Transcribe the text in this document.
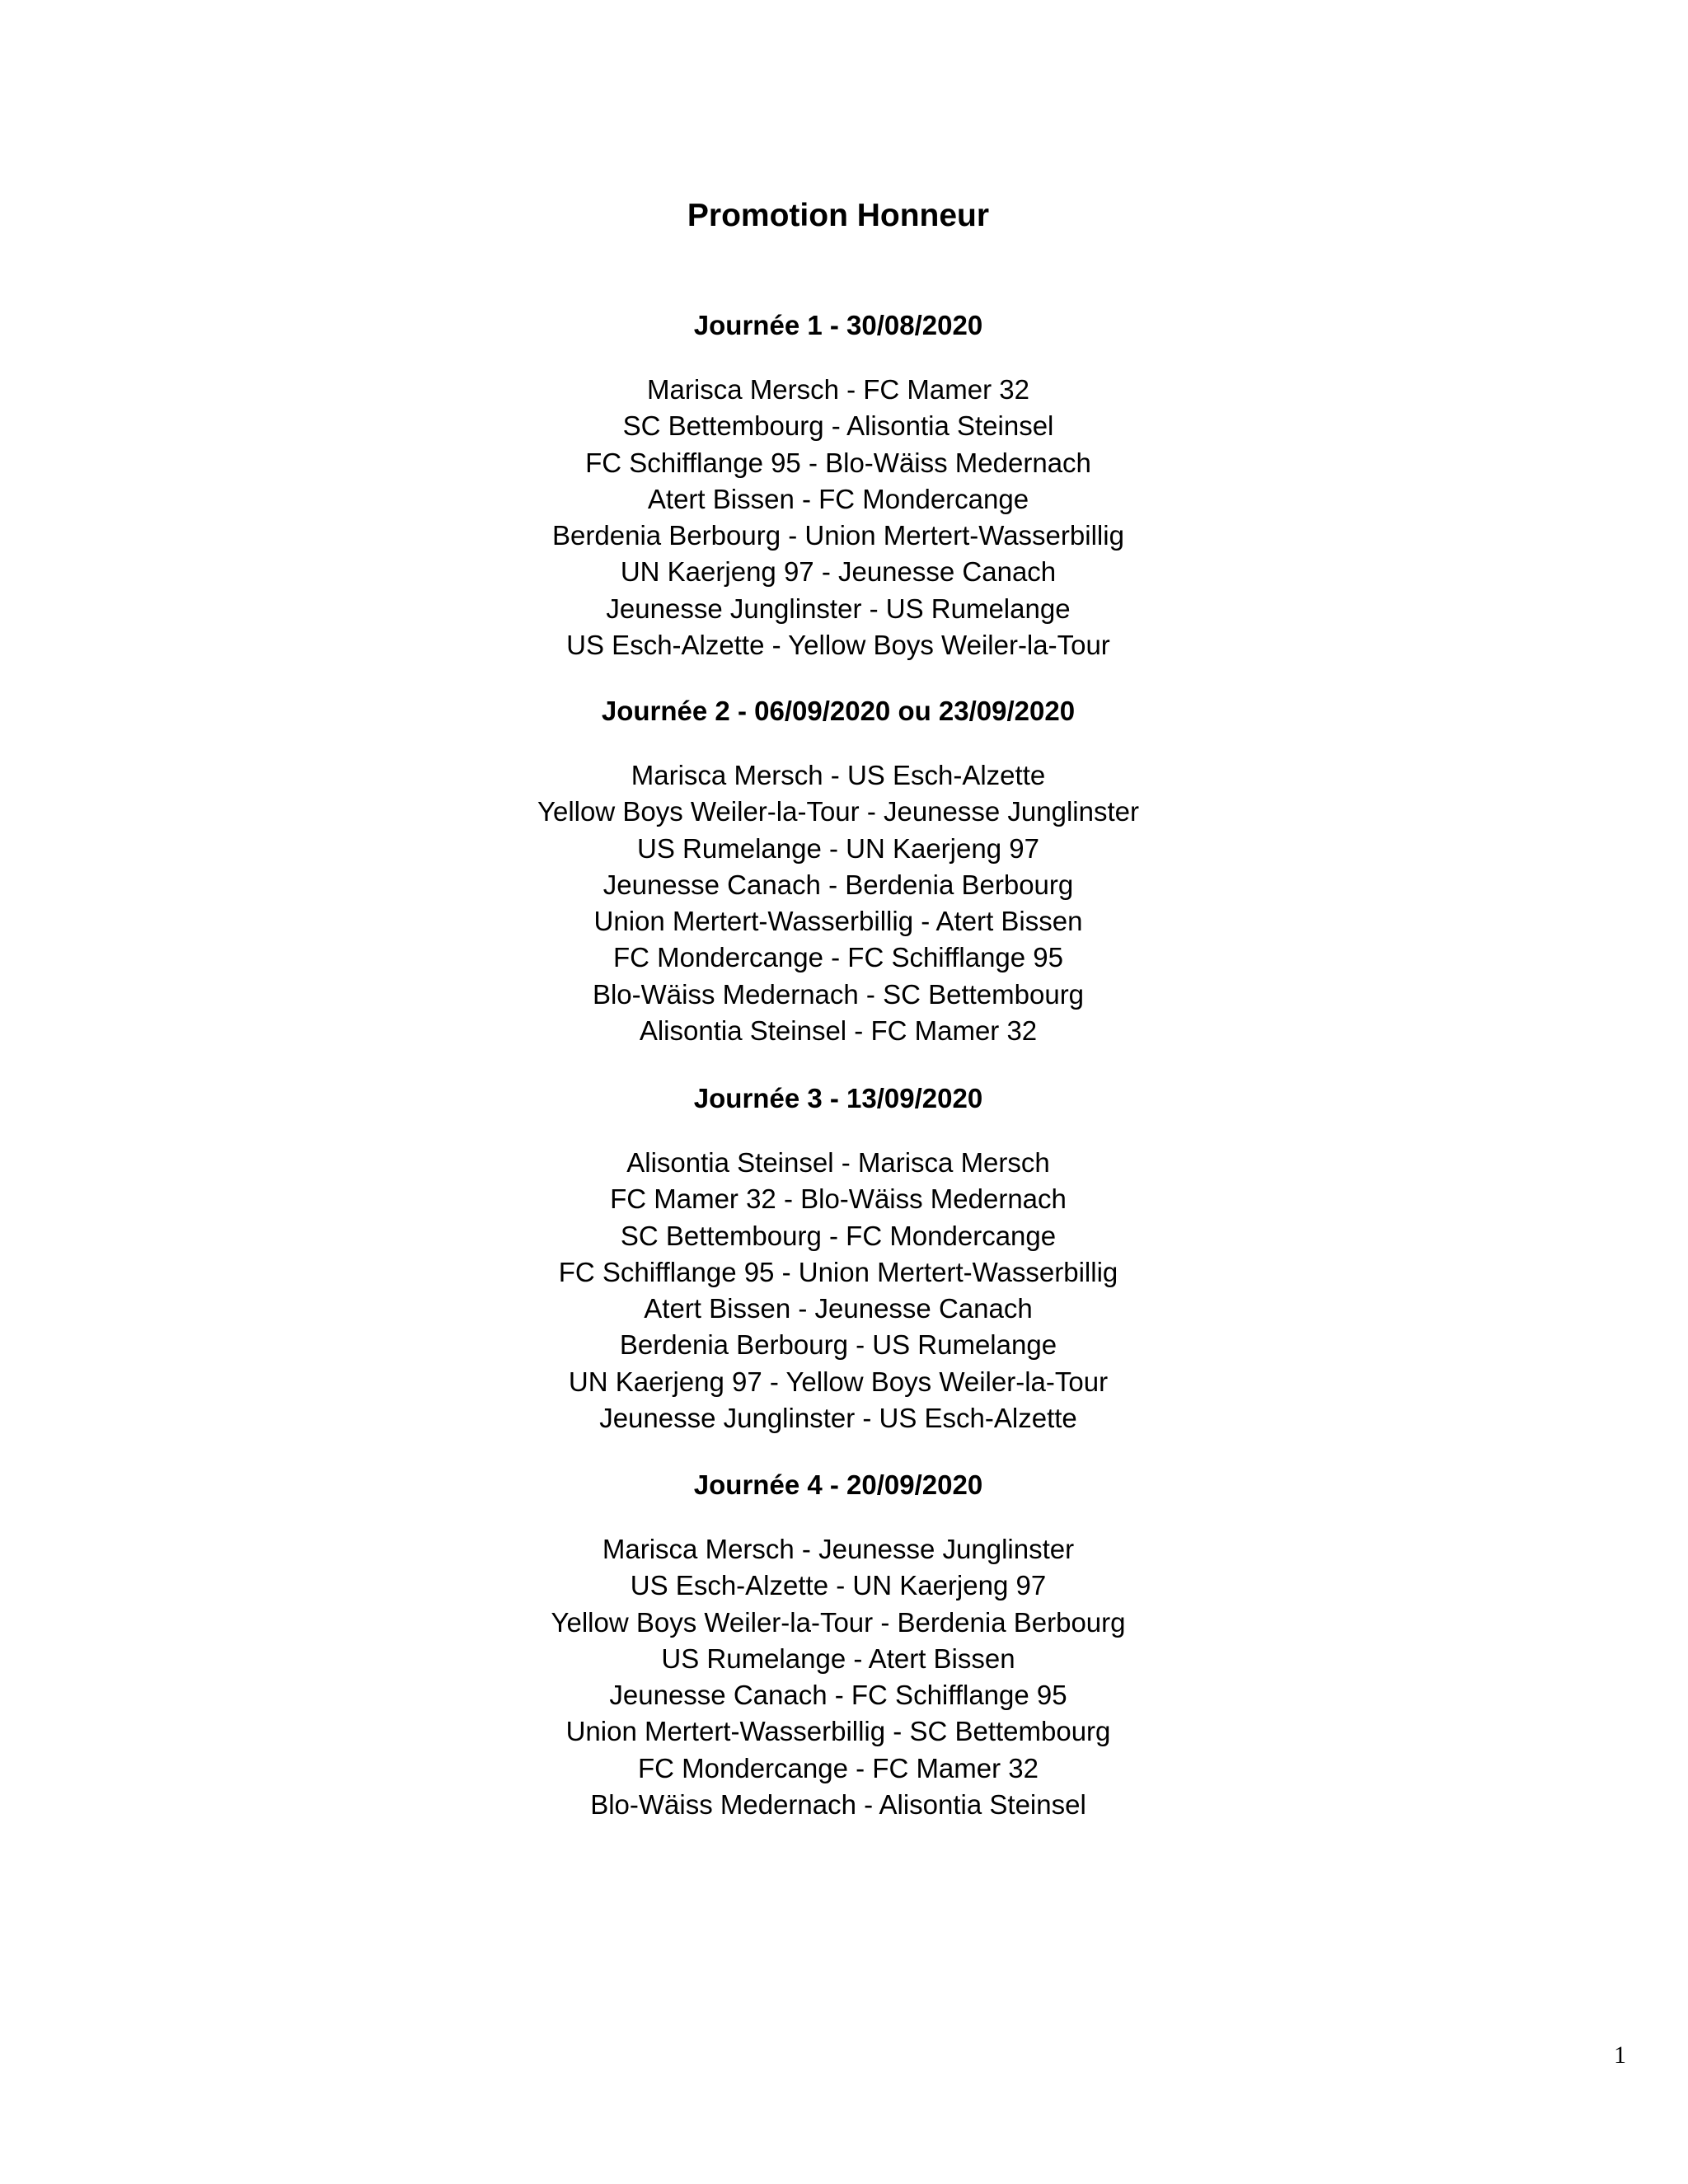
Promotion Honneur
Journée 1 - 30/08/2020
Marisca Mersch - FC Mamer 32
SC Bettembourg - Alisontia Steinsel
FC Schifflange 95 - Blo-Wäiss Medernach
Atert Bissen - FC Mondercange
Berdenia Berbourg - Union Mertert-Wasserbillig
UN Kaerjeng 97 - Jeunesse Canach
Jeunesse Junglinster - US Rumelange
US Esch-Alzette - Yellow Boys Weiler-la-Tour
Journée 2 - 06/09/2020 ou 23/09/2020
Marisca Mersch - US Esch-Alzette
Yellow Boys Weiler-la-Tour - Jeunesse Junglinster
US Rumelange - UN Kaerjeng 97
Jeunesse Canach - Berdenia Berbourg
Union Mertert-Wasserbillig - Atert Bissen
FC Mondercange - FC Schifflange 95
Blo-Wäiss Medernach - SC Bettembourg
Alisontia Steinsel - FC Mamer 32
Journée 3 - 13/09/2020
Alisontia Steinsel - Marisca Mersch
FC Mamer 32 - Blo-Wäiss Medernach
SC Bettembourg - FC Mondercange
FC Schifflange 95 - Union Mertert-Wasserbillig
Atert Bissen - Jeunesse Canach
Berdenia Berbourg - US Rumelange
UN Kaerjeng 97 - Yellow Boys Weiler-la-Tour
Jeunesse Junglinster - US Esch-Alzette
Journée 4 - 20/09/2020
Marisca Mersch - Jeunesse Junglinster
US Esch-Alzette - UN Kaerjeng 97
Yellow Boys Weiler-la-Tour - Berdenia Berbourg
US Rumelange - Atert Bissen
Jeunesse Canach - FC Schifflange 95
Union Mertert-Wasserbillig - SC Bettembourg
FC Mondercange - FC Mamer 32
Blo-Wäiss Medernach - Alisontia Steinsel
1
